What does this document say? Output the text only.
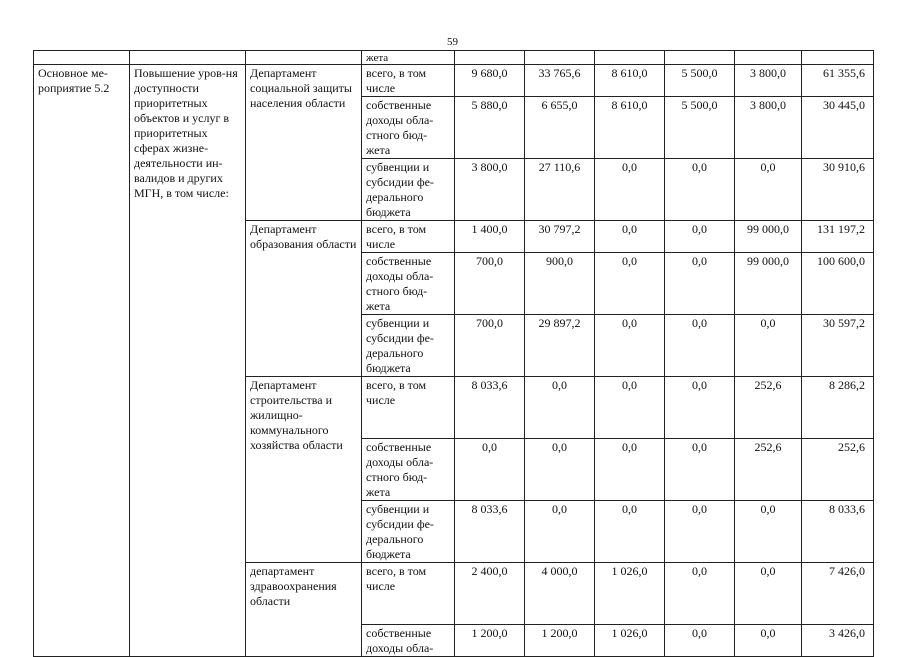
59
			жета						
Основное ме-роприятие 5.2	Повышение уров-ня доступности приоритетных объектов и услуг в приоритетных сферах жизне-деятельности ин-валидов и других МГН, в том числе:	Департамент социальной защиты населения области	всего, в том числе	9 680,0	33 765,6	8 610,0	5 500,0	3 800,0	61 355,6
			собственные доходы обла-стного бюд-жета	5 880,0	6 655,0	8 610,0	5 500,0	3 800,0	30 445,0
			субвенции и субсидии фе-дерального бюджета	3 800,0	27 110,6	0,0	0,0	0,0	30 910,6
		Департамент образования области	всего, в том числе	1 400,0	30 797,2	0,0	0,0	99 000,0	131 197,2
			собственные доходы обла-стного бюд-жета	700,0	900,0	0,0	0,0	99 000,0	100 600,0
			субвенции и субсидии фе-дерального бюджета	700,0	29 897,2	0,0	0,0	0,0	30 597,2
		Департамент строительства и жилищно-коммунального хозяйства области	всего, в том числе	8 033,6	0,0	0,0	0,0	252,6	8 286,2
			собственные доходы обла-стного бюд-жета	0,0	0,0	0,0	0,0	252,6	252,6
			субвенции и субсидии фе-дерального бюджета	8 033,6	0,0	0,0	0,0	0,0	8 033,6
		департамент здравоохранения области	всего, в том числе	2 400,0	4 000,0	1 026,0	0,0	0,0	7 426,0
			собственные доходы обла-	1 200,0	1 200,0	1 026,0	0,0	0,0	3 426,0
